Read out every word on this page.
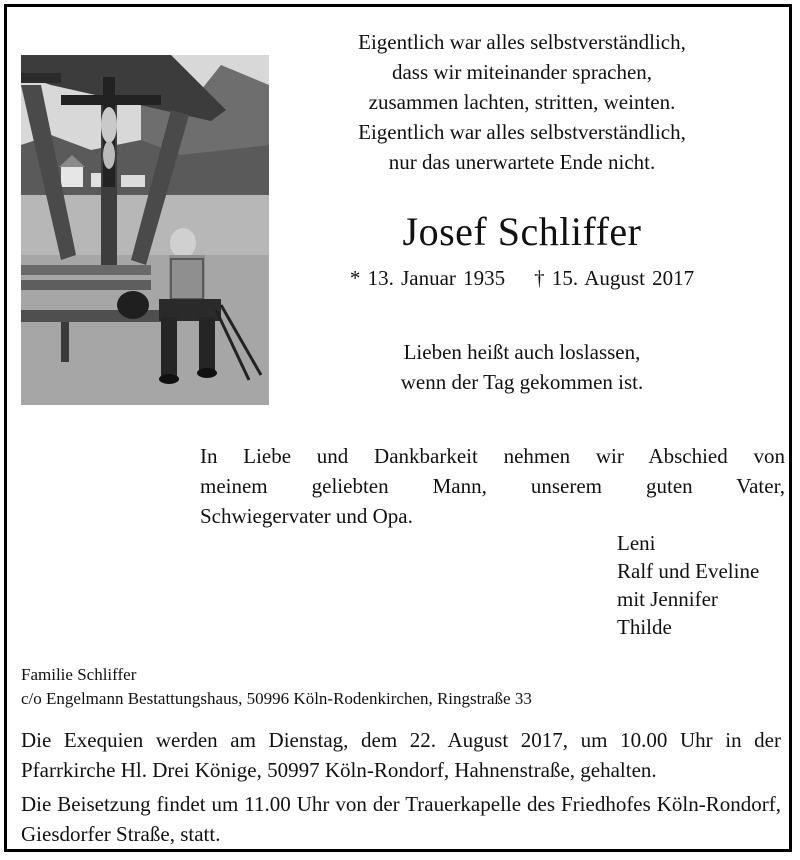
Eigentlich war alles selbstverständlich,
dass wir miteinander sprachen,
zusammen lachten, stritten, weinten.
Eigentlich war alles selbstverständlich,
nur das unerwartete Ende nicht.
Josef Schliffer
* 13. Januar 1935 † 15. August 2017
Lieben heißt auch loslassen,
wenn der Tag gekommen ist.
In Liebe und Dankbarkeit nehmen wir Abschied von
meinem geliebten Mann, unserem guten Vater,
Schwiegervater und Opa.
Leni
Ralf und Eveline
mit Jennifer
Thilde
Familie Schliffer
c/o Engelmann Bestattungshaus, 50996 Köln-Rodenkirchen, Ringstraße 33

Die Exequien werden am Dienstag, dem 22. August 2017, um 10.00 Uhr in der Pfarrkirche Hl. Drei Könige, 50997 Köln-Rondorf, Hahnenstraße, gehalten.

Die Beisetzung findet um 11.00 Uhr von der Trauerkapelle des Friedhofes Köln-Rondorf, Giesdorfer Straße, statt.
